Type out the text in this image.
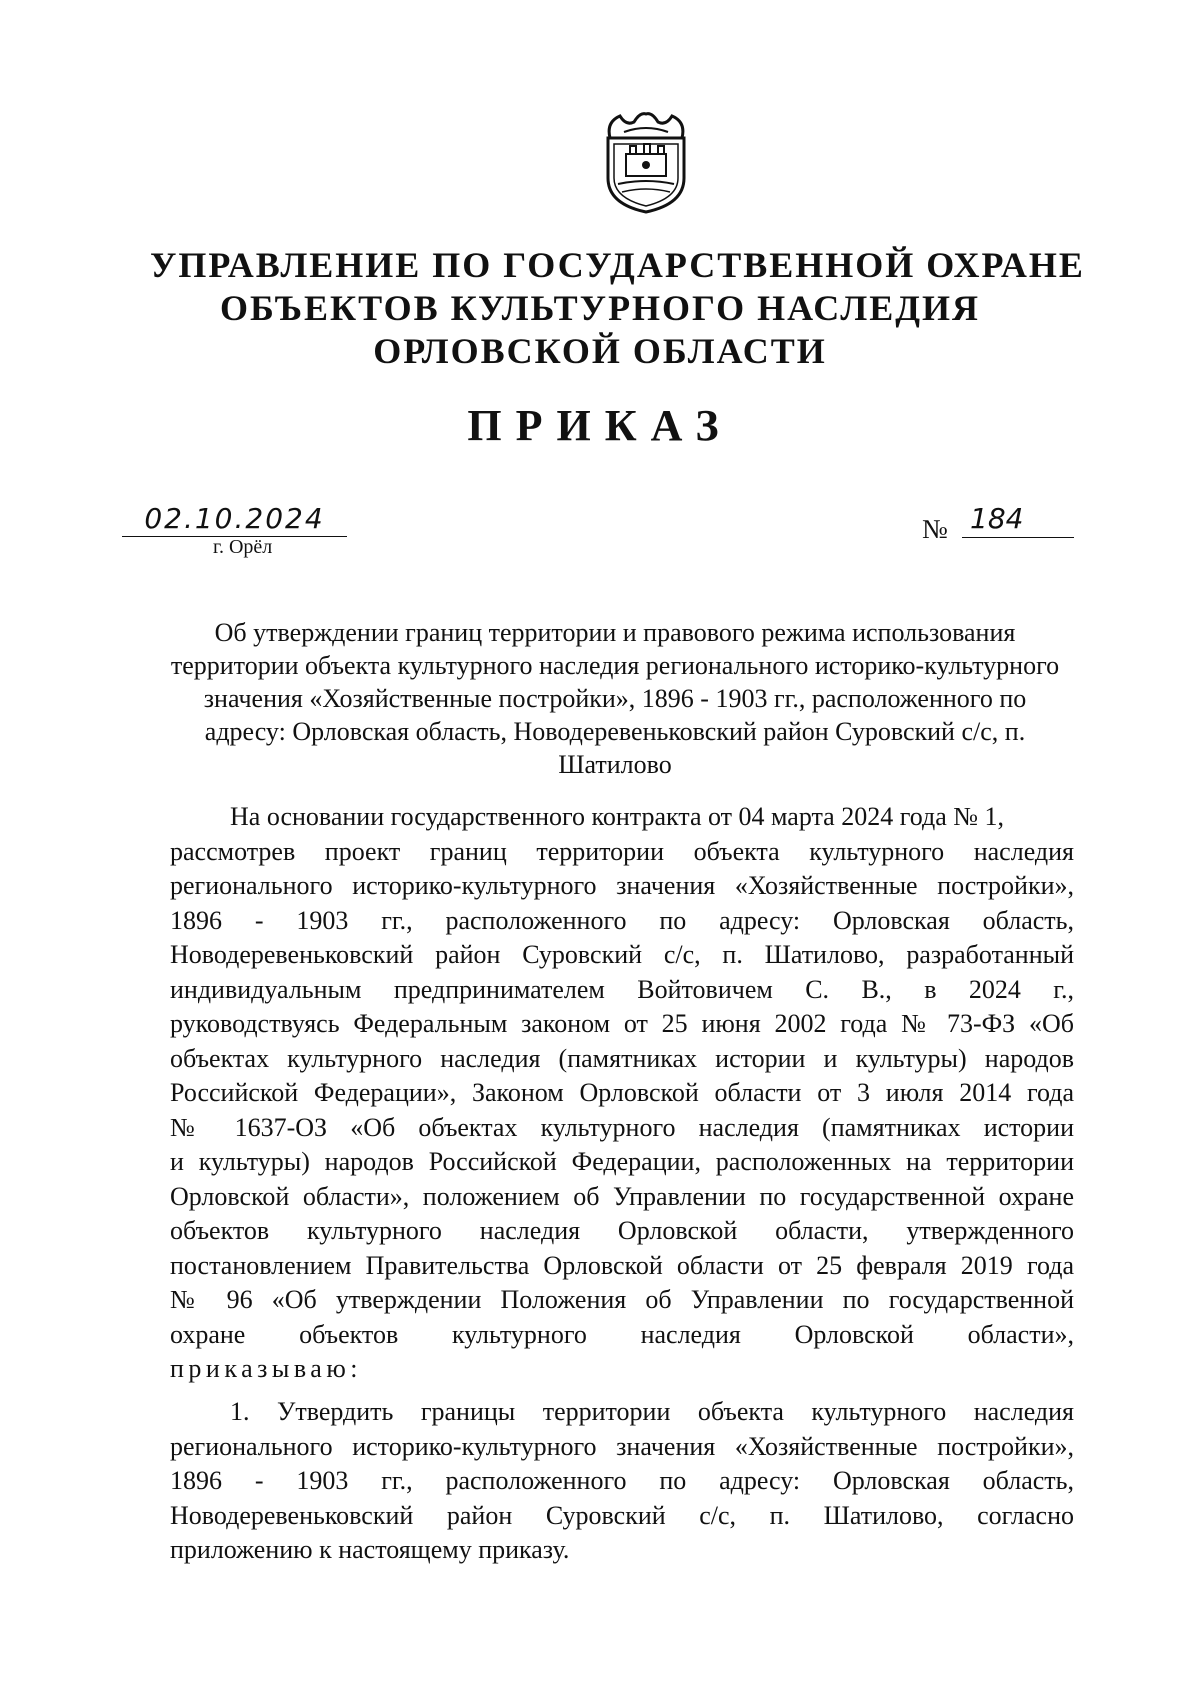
УПРАВЛЕНИЕ ПО ГОСУДАРСТВЕННОЙ ОХРАНЕ
ОБЪЕКТОВ КУЛЬТУРНОГО НАСЛЕДИЯ
ОРЛОВСКОЙ ОБЛАСТИ
ПРИКАЗ
02.10.2024
г. Орёл
№ 184
Об утверждении границ территории и правового режима использования
территории объекта культурного наследия регионального историко-культурного
значения «Хозяйственные постройки», 1896 - 1903 гг., расположенного по
адресу: Орловская область, Новодеревеньковский район Суровский с/с, п.
Шатилово
На основании государственного контракта от 04 марта 2024 года № 1,
рассмотрев проект границ территории объекта культурного наследия
регионального историко-культурного значения «Хозяйственные постройки»,
1896 - 1903 гг., расположенного по адресу: Орловская область,
Новодеревеньковский район Суровский с/с, п. Шатилово, разработанный
индивидуальным предпринимателем Войтовичем С. В., в 2024 г.,
руководствуясь Федеральным законом от 25 июня 2002 года № 73-ФЗ «Об
объектах культурного наследия (памятниках истории и культуры) народов
Российской Федерации», Законом Орловской области от 3 июля 2014 года
№ 1637-ОЗ «Об объектах культурного наследия (памятниках истории
и культуры) народов Российской Федерации, расположенных на территории
Орловской области», положением об Управлении по государственной охране
объектов культурного наследия Орловской области, утвержденного
постановлением Правительства Орловской области от 25 февраля 2019 года
№ 96 «Об утверждении Положения об Управлении по государственной
охране объектов культурного наследия Орловской области»,
приказываю:
1. Утвердить границы территории объекта культурного наследия
регионального историко-культурного значения «Хозяйственные постройки»,
1896 - 1903 гг., расположенного по адресу: Орловская область,
Новодеревеньковский район Суровский с/с, п. Шатилово, согласно
приложению к настоящему приказу.
